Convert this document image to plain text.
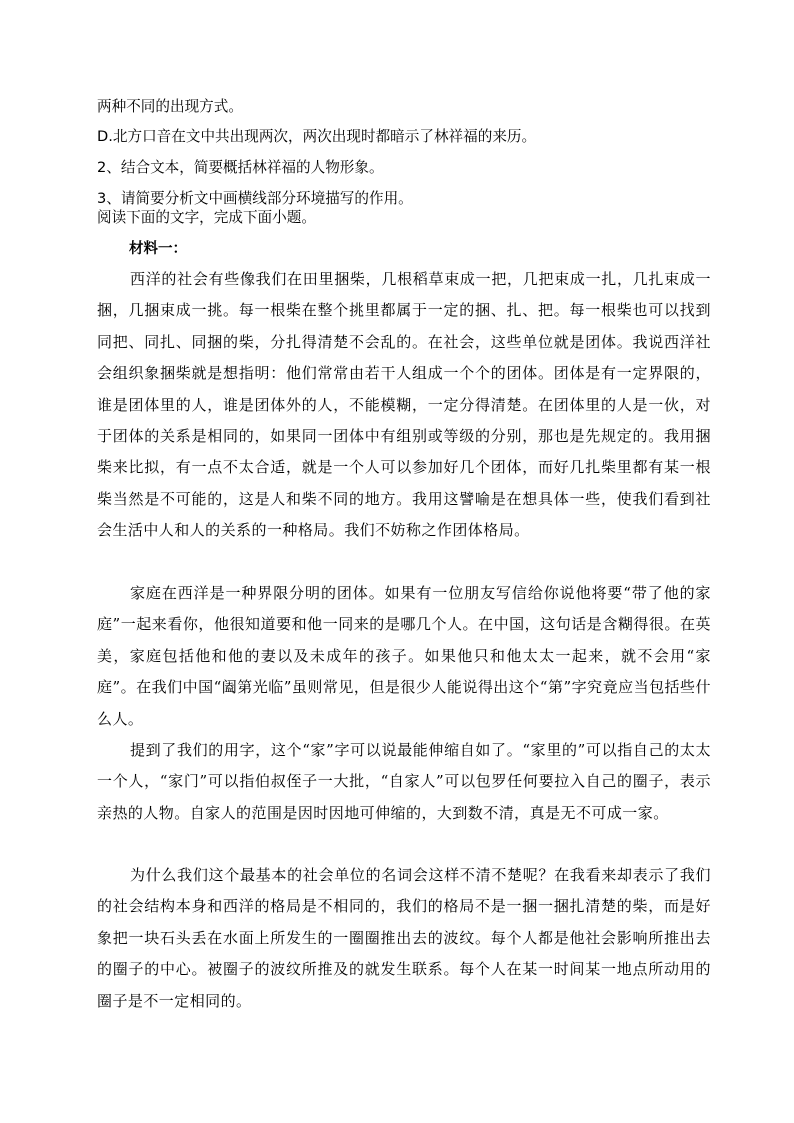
两种不同的出现方式。
D.北方口音在文中共出现两次，两次出现时都暗示了林祥福的来历。
2、结合文本，简要概括林祥福的人物形象。
3、请简要分析文中画横线部分环境描写的作用。
阅读下面的文字，完成下面小题。
材料一：

西洋的社会有些像我们在田里捆柴，几根稻草束成一把，几把束成一扎，几扎束成一捆，几捆束成一挑。每一根柴在整个挑里都属于一定的捆、扎、把。每一根柴也可以找到同把、同扎、同捆的柴，分扎得清楚不会乱的。在社会，这些单位就是团体。我说西洋社会组织象捆柴就是想指明：他们常常由若干人组成一个个的团体。团体是有一定界限的，谁是团体里的人，谁是团体外的人，不能模糊，一定分得清楚。在团体里的人是一伙，对于团体的关系是相同的，如果同一团体中有组别或等级的分别，那也是先规定的。我用捆柴来比拟，有一点不太合适，就是一个人可以参加好几个团体，而好几扎柴里都有某一根柴当然是不可能的，这是人和柴不同的地方。我用这譬喻是在想具体一些，使我们看到社会生活中人和人的关系的一种格局。我们不妨称之作团体格局。

家庭在西洋是一种界限分明的团体。如果有一位朋友写信给你说他将要“带了他的家庭”一起来看你，他很知道要和他一同来的是哪几个人。在中国，这句话是含糊得很。在英美，家庭包括他和他的妻以及未成年的孩子。如果他只和他太太一起来，就不会用“家庭”。在我们中国“阖第光临”虽则常见，但是很少人能说得出这个“第”字究竟应当包括些什么人。

提到了我们的用字，这个“家”字可以说最能伸缩自如了。“家里的”可以指自己的太太一个人，“家门”可以指伯叔侄子一大批，“自家人”可以包罗任何要拉入自己的圈子，表示亲热的人物。自家人的范围是因时因地可伸缩的，大到数不清，真是无不可成一家。

为什么我们这个最基本的社会单位的名词会这样不清不楚呢？在我看来却表示了我们的社会结构本身和西洋的格局是不相同的，我们的格局不是一捆一捆扎清楚的柴，而是好象把一块石头丢在水面上所发生的一圈圈推出去的波纹。每个人都是他社会影响所推出去的圈子的中心。被圈子的波纹所推及的就发生联系。每个人在某一时间某一地点所动用的圈子是不一定相同的。
